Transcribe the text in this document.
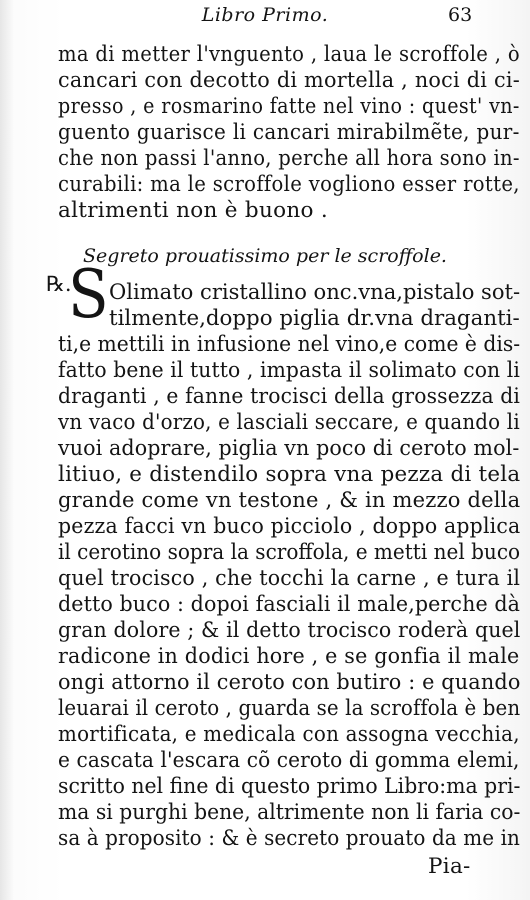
Libro Primo.	63
ma di metter l'vnguento , laua le scroffole , ò
cancari con decotto di mortella , noci di ci-
presso , e rosmarino fatte nel vino : quest' vn-
guento guarisce li cancari mirabilmẽte, pur-
che non passi l'anno, perche all hora sono in-
curabili: ma le scroffole vogliono esser rotte,
altrimenti non è buono .
Segreto prouatissimo per le scroffole.
℞.
S Olimato cristallino onc.vna,pistalo sot-
tilmente,doppo piglia dr.vna draganti-
ti,e mettili in infusione nel vino,e come è dis-
fatto bene il tutto , impasta il solimato con li
draganti , e fanne trocisci della grossezza di
vn vaco d'orzo, e lasciali seccare, e quando li
vuoi adoprare, piglia vn poco di ceroto mol-
litiuo, e distendilo sopra vna pezza di tela
grande come vn testone , & in mezzo della
pezza facci vn buco picciolo , doppo applica
il cerotino sopra la scroffola, e metti nel buco
quel trocisco , che tocchi la carne , e tura il
detto buco : dopoi fasciali il male,perche dà
gran dolore ; & il detto trocisco roderà quel
radicone in dodici hore , e se gonfia il male
ongi attorno il ceroto con butiro : e quando
leuarai il ceroto , guarda se la scroffola è ben
mortificata, e medicala con assogna vecchia,
e cascata l'escara cõ ceroto di gomma elemi,
scritto nel fine di questo primo Libro:ma pri-
ma si purghi bene, altrimente non li faria co-
sa à proposito : & è secreto prouato da me in
Pia-
